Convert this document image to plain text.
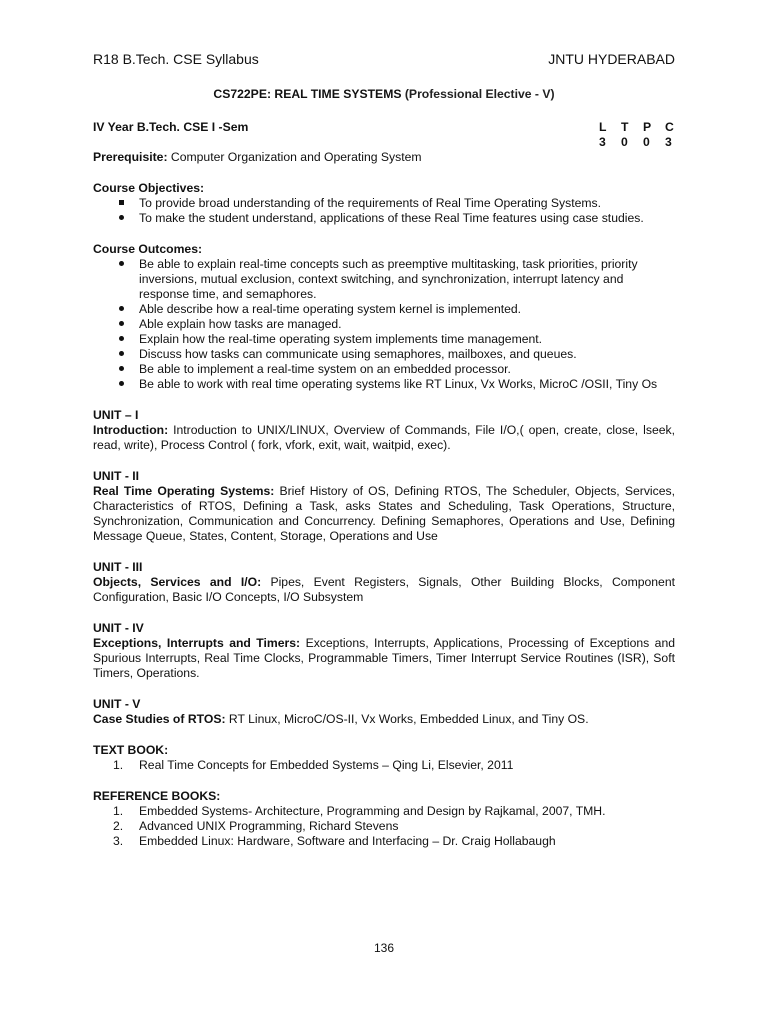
R18 B.Tech. CSE Syllabus	JNTU HYDERABAD
CS722PE: REAL TIME SYSTEMS (Professional Elective - V)
IV Year B.Tech. CSE I -Sem	L T P C
3 0 0 3
Prerequisite: Computer Organization and Operating System
Course Objectives:
To provide broad understanding of the requirements of Real Time Operating Systems.
To make the student understand, applications of these Real Time features using case studies.
Course Outcomes:
Be able to explain real-time concepts such as preemptive multitasking, task priorities, priority inversions, mutual exclusion, context switching, and synchronization, interrupt latency and response time, and semaphores.
Able describe how a real-time operating system kernel is implemented.
Able explain how tasks are managed.
Explain how the real-time operating system implements time management.
Discuss how tasks can communicate using semaphores, mailboxes, and queues.
Be able to implement a real-time system on an embedded processor.
Be able to work with real time operating systems like RT Linux, Vx Works, MicroC /OSII, Tiny Os
UNIT – I
Introduction: Introduction to UNIX/LINUX, Overview of Commands, File I/O,( open, create, close, lseek, read, write), Process Control ( fork, vfork, exit, wait, waitpid, exec).
UNIT - II
Real Time Operating Systems: Brief History of OS, Defining RTOS, The Scheduler, Objects, Services, Characteristics of RTOS, Defining a Task, asks States and Scheduling, Task Operations, Structure, Synchronization, Communication and Concurrency. Defining Semaphores, Operations and Use, Defining Message Queue, States, Content, Storage, Operations and Use
UNIT - III
Objects, Services and I/O: Pipes, Event Registers, Signals, Other Building Blocks, Component Configuration, Basic I/O Concepts, I/O Subsystem
UNIT - IV
Exceptions, Interrupts and Timers: Exceptions, Interrupts, Applications, Processing of Exceptions and Spurious Interrupts, Real Time Clocks, Programmable Timers, Timer Interrupt Service Routines (ISR), Soft Timers, Operations.
UNIT - V
Case Studies of RTOS: RT Linux, MicroC/OS-II, Vx Works, Embedded Linux, and Tiny OS.
TEXT BOOK:
1. Real Time Concepts for Embedded Systems – Qing Li, Elsevier, 2011
REFERENCE BOOKS:
1. Embedded Systems- Architecture, Programming and Design by Rajkamal, 2007, TMH.
2. Advanced UNIX Programming, Richard Stevens
3. Embedded Linux: Hardware, Software and Interfacing – Dr. Craig Hollabaugh
136
